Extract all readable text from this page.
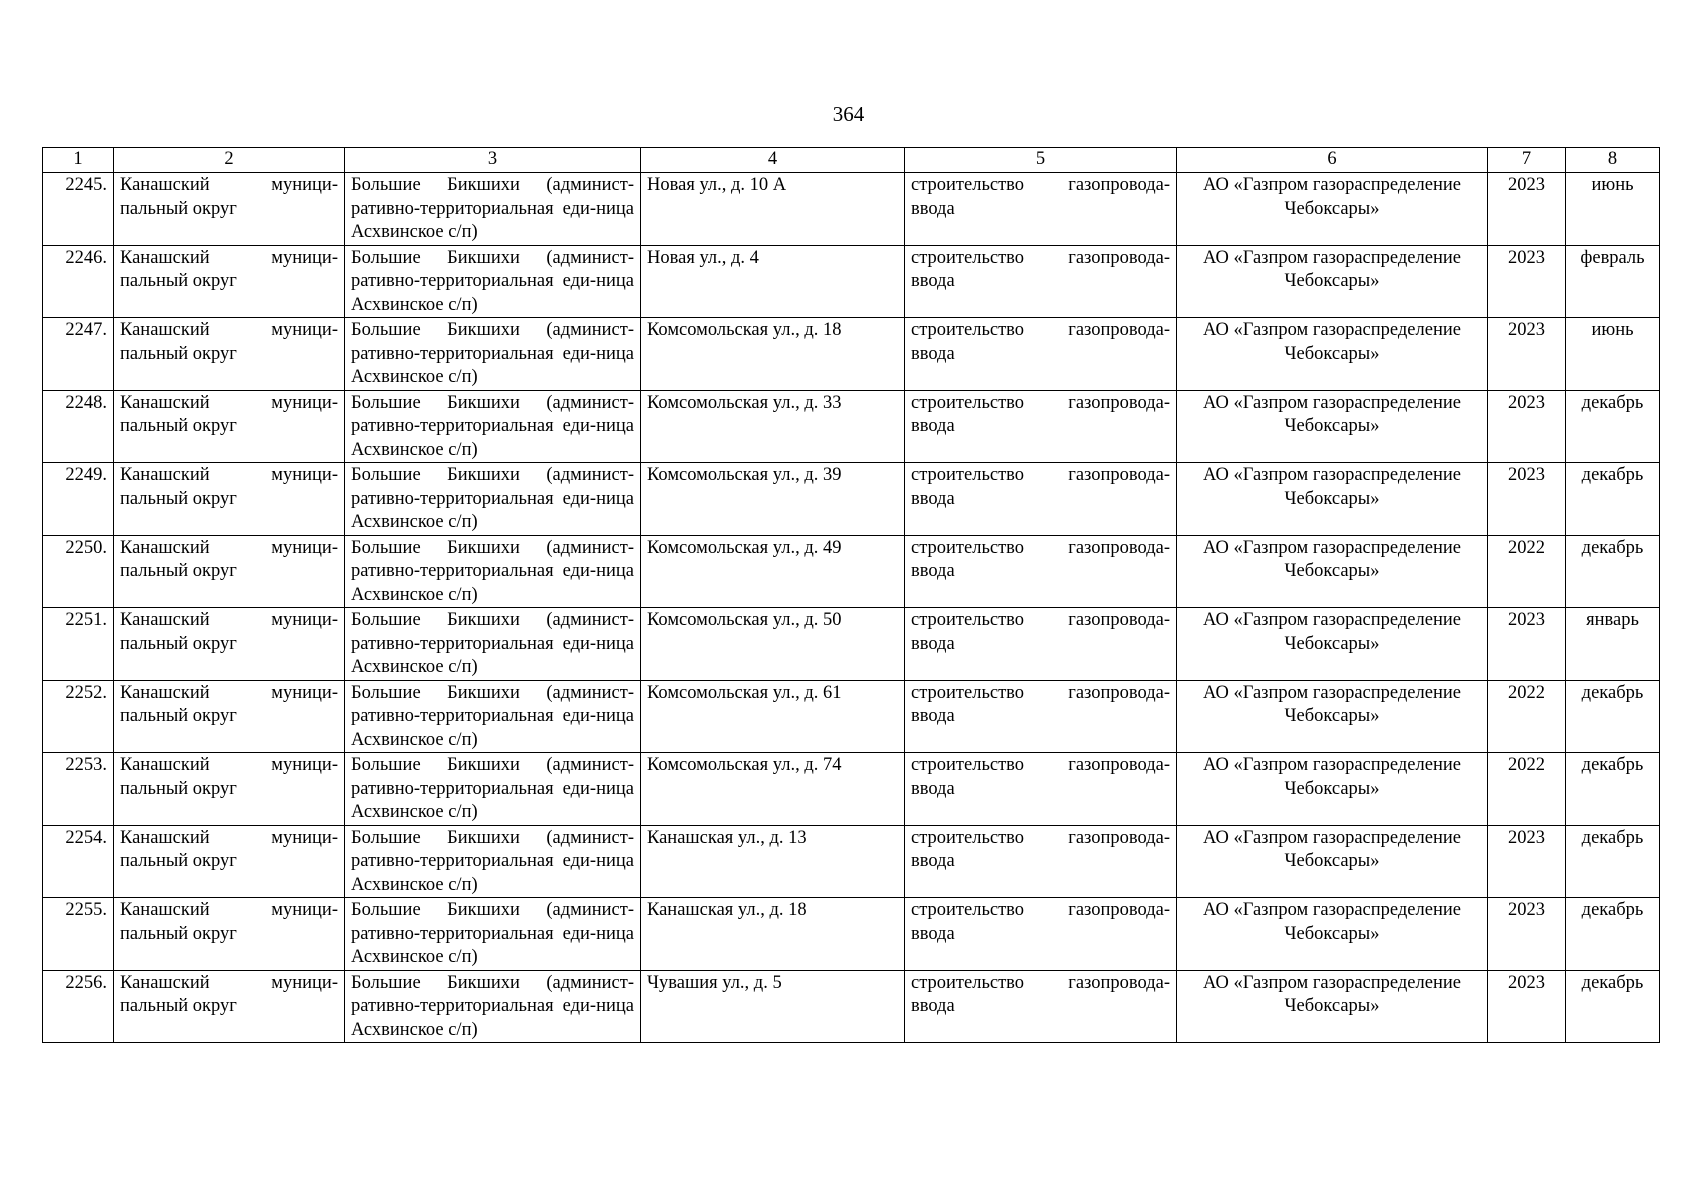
364
1	2	3	4	5	6	7	8
2245.	Канашский муници-пальный округ	Большие Бикшихи (админист-ративно-территориальная еди-ница Асхвинское с/п)	Новая ул., д. 10 А	строительство газопровода-ввода	АО «Газпром газораспределение Чебоксары»	2023	июнь
2246.	Канашский муници-пальный округ	Большие Бикшихи (админист-ративно-территориальная еди-ница Асхвинское с/п)	Новая ул., д. 4	строительство газопровода-ввода	АО «Газпром газораспределение Чебоксары»	2023	февраль
2247.	Канашский муници-пальный округ	Большие Бикшихи (админист-ративно-территориальная еди-ница Асхвинское с/п)	Комсомольская ул., д. 18	строительство газопровода-ввода	АО «Газпром газораспределение Чебоксары»	2023	июнь
2248.	Канашский муници-пальный округ	Большие Бикшихи (админист-ративно-территориальная еди-ница Асхвинское с/п)	Комсомольская ул., д. 33	строительство газопровода-ввода	АО «Газпром газораспределение Чебоксары»	2023	декабрь
2249.	Канашский муници-пальный округ	Большие Бикшихи (админист-ративно-территориальная еди-ница Асхвинское с/п)	Комсомольская ул., д. 39	строительство газопровода-ввода	АО «Газпром газораспределение Чебоксары»	2023	декабрь
2250.	Канашский муници-пальный округ	Большие Бикшихи (админист-ративно-территориальная еди-ница Асхвинское с/п)	Комсомольская ул., д. 49	строительство газопровода-ввода	АО «Газпром газораспределение Чебоксары»	2022	декабрь
2251.	Канашский муници-пальный округ	Большие Бикшихи (админист-ративно-территориальная еди-ница Асхвинское с/п)	Комсомольская ул., д. 50	строительство газопровода-ввода	АО «Газпром газораспределение Чебоксары»	2023	январь
2252.	Канашский муници-пальный округ	Большие Бикшихи (админист-ративно-территориальная еди-ница Асхвинское с/п)	Комсомольская ул., д. 61	строительство газопровода-ввода	АО «Газпром газораспределение Чебоксары»	2022	декабрь
2253.	Канашский муници-пальный округ	Большие Бикшихи (админист-ративно-территориальная еди-ница Асхвинское с/п)	Комсомольская ул., д. 74	строительство газопровода-ввода	АО «Газпром газораспределение Чебоксары»	2022	декабрь
2254.	Канашский муници-пальный округ	Большие Бикшихи (админист-ративно-территориальная еди-ница Асхвинское с/п)	Канашская ул., д. 13	строительство газопровода-ввода	АО «Газпром газораспределение Чебоксары»	2023	декабрь
2255.	Канашский муници-пальный округ	Большие Бикшихи (админист-ративно-территориальная еди-ница Асхвинское с/п)	Канашская ул., д. 18	строительство газопровода-ввода	АО «Газпром газораспределение Чебоксары»	2023	декабрь
2256.	Канашский муници-пальный округ	Большие Бикшихи (админист-ративно-территориальная еди-ница Асхвинское с/п)	Чувашия ул., д. 5	строительство газопровода-ввода	АО «Газпром газораспределение Чебоксары»	2023	декабрь
